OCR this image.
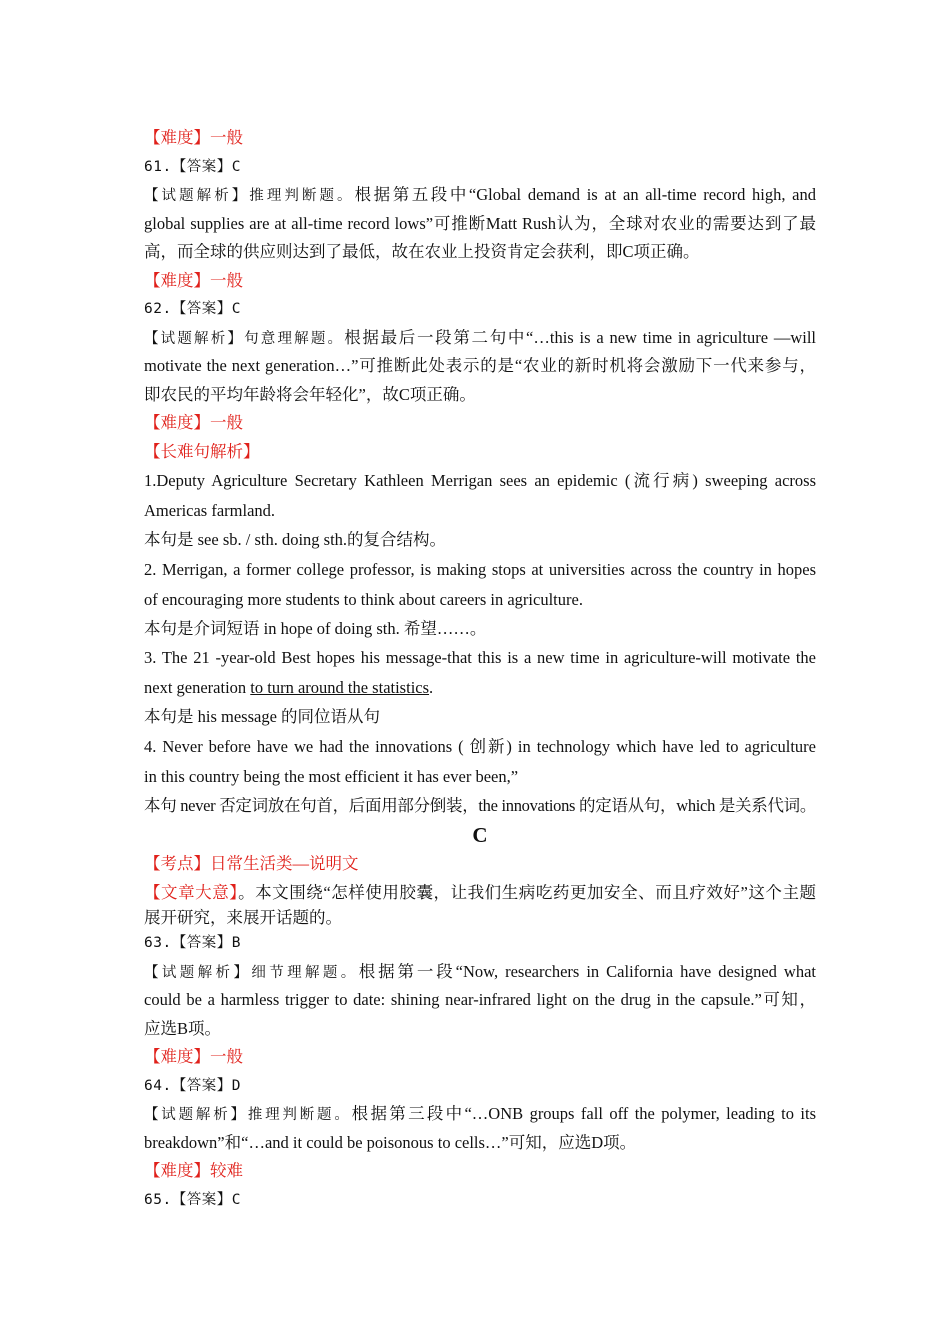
【难度】一般
61.【答案】C
【试题解析】推理判断题。根据第五段中“Global demand is at an all-time record high, and
global supplies are at all-time record lows”可推断Matt Rush认为，全球对农业的需要达到了最
高，而全球的供应则达到了最低，故在农业上投资肯定会获利，即C项正确。
【难度】一般
62.【答案】C
【试题解析】句意理解题。根据最后一段第二句中“…this is a new time in agriculture —will
motivate the next generation…”可推断此处表示的是“农业的新时机将会激励下一代来参与，
即农民的平均年龄将会年轻化”，故C项正确。
【难度】一般
【长难句解析】
1.Deputy Agriculture Secretary Kathleen Merrigan sees an epidemic (流行病) sweeping across
Americas farmland.
本句是 see sb. / sth. doing sth.的复合结构。
2. Merrigan, a former college professor, is making stops at universities across the country in hopes
of encouraging more students to think about careers in agriculture.
本句是介词短语 in hope of doing sth. 希望……。
3. The 21 -year-old Best hopes his message-that this is a new time in agriculture-will motivate the
next generation to turn around the statistics.
本句是 his message 的同位语从句
4. Never before have we had the innovations ( 创新) in technology which have led to agriculture
in this country being the most efficient it has ever been,”
本句 never 否定词放在句首，后面用部分倒装，the innovations 的定语从句，which 是关系代词。
C
【考点】日常生活类—说明文
【文章大意】。本文围绕“怎样使用胶囊，让我们生病吃药更加安全、而且疗效好”这个主题
展开研究，来展开话题的。
63.【答案】B
【试题解析】细节理解题。根据第一段“Now, researchers in California have designed what
could be a harmless trigger to date: shining near-infrared light on the drug in the capsule.”可知，
应选B项。
【难度】一般
64.【答案】D
【试题解析】推理判断题。根据第三段中“…ONB groups fall off the polymer, leading to its
breakdown”和“…and it could be poisonous to cells…”可知，应选D项。
【难度】较难
65.【答案】C
